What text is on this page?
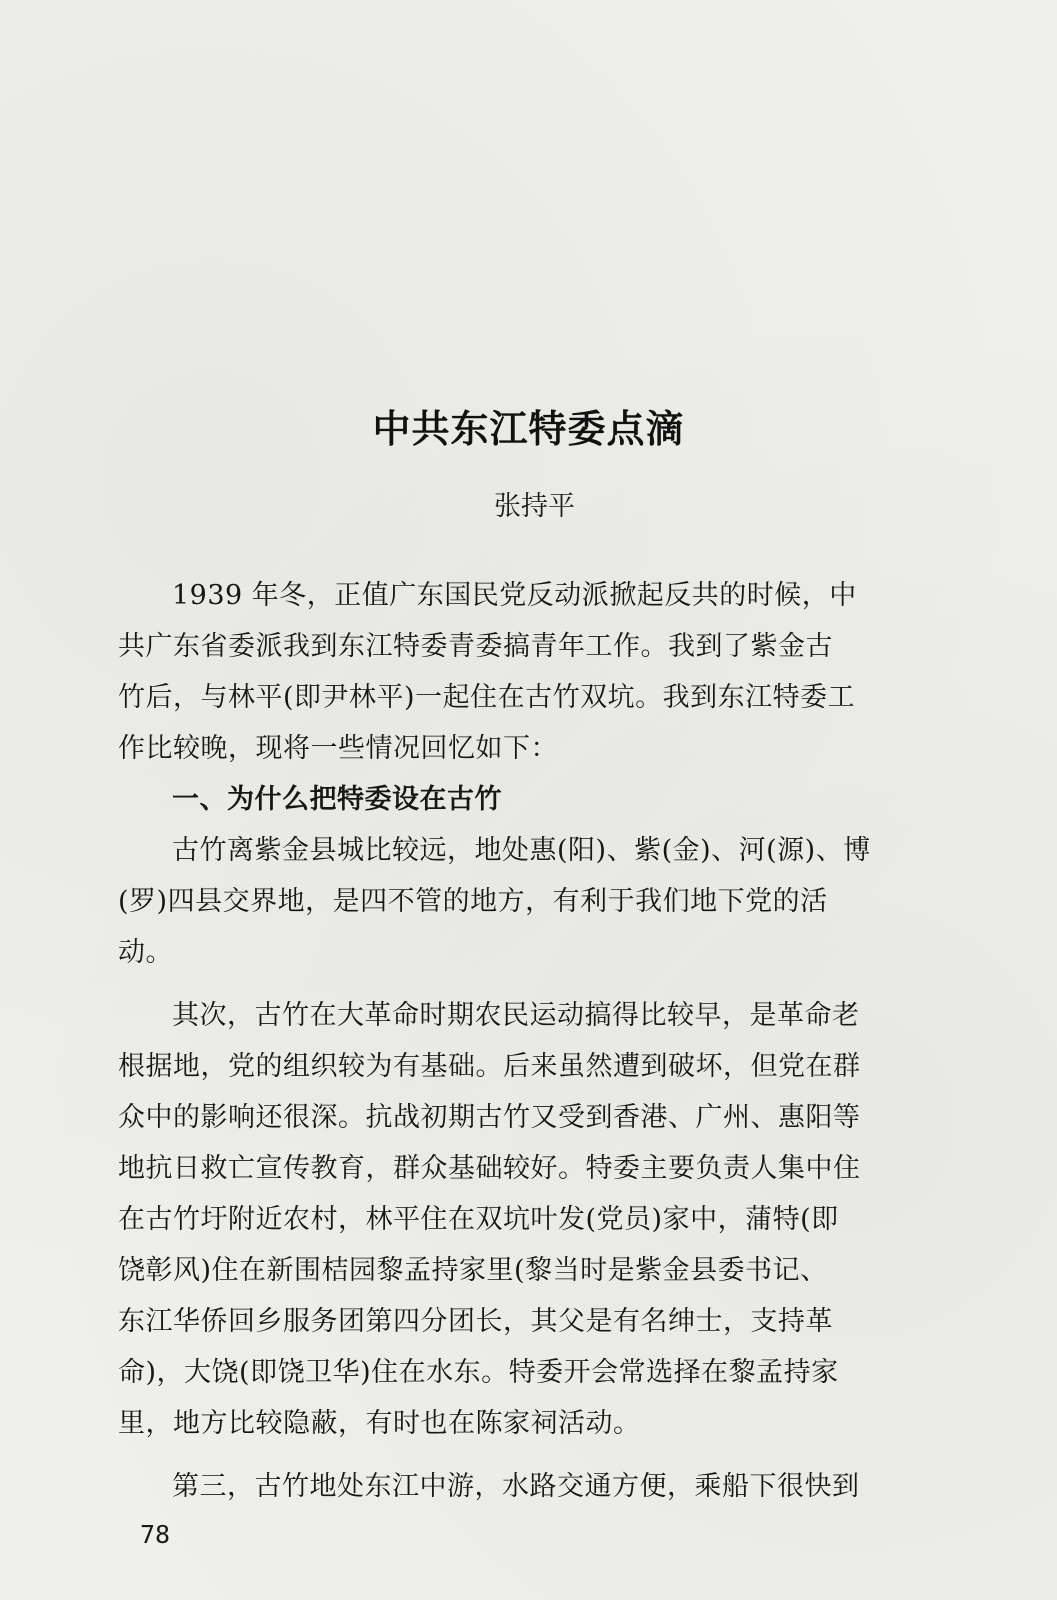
中共东江特委点滴
张持平
1939 年冬，正值广东国民党反动派掀起反共的时候，中
共广东省委派我到东江特委青委搞青年工作。我到了紫金古
竹后，与林平(即尹林平)一起住在古竹双坑。我到东江特委工
作比较晚，现将一些情况回忆如下：
一、为什么把特委设在古竹
古竹离紫金县城比较远，地处惠(阳)、紫(金)、河(源)、博
(罗)四县交界地，是四不管的地方，有利于我们地下党的活
动。
其次，古竹在大革命时期农民运动搞得比较早，是革命老
根据地，党的组织较为有基础。后来虽然遭到破坏，但党在群
众中的影响还很深。抗战初期古竹又受到香港、广州、惠阳等
地抗日救亡宣传教育，群众基础较好。特委主要负责人集中住
在古竹圩附近农村，林平住在双坑叶发(党员)家中，蒲特(即
饶彰风)住在新围桔园黎孟持家里(黎当时是紫金县委书记、
东江华侨回乡服务团第四分团长，其父是有名绅士，支持革
命)，大饶(即饶卫华)住在水东。特委开会常选择在黎孟持家
里，地方比较隐蔽，有时也在陈家祠活动。
第三，古竹地处东江中游，水路交通方便，乘船下很快到
78
